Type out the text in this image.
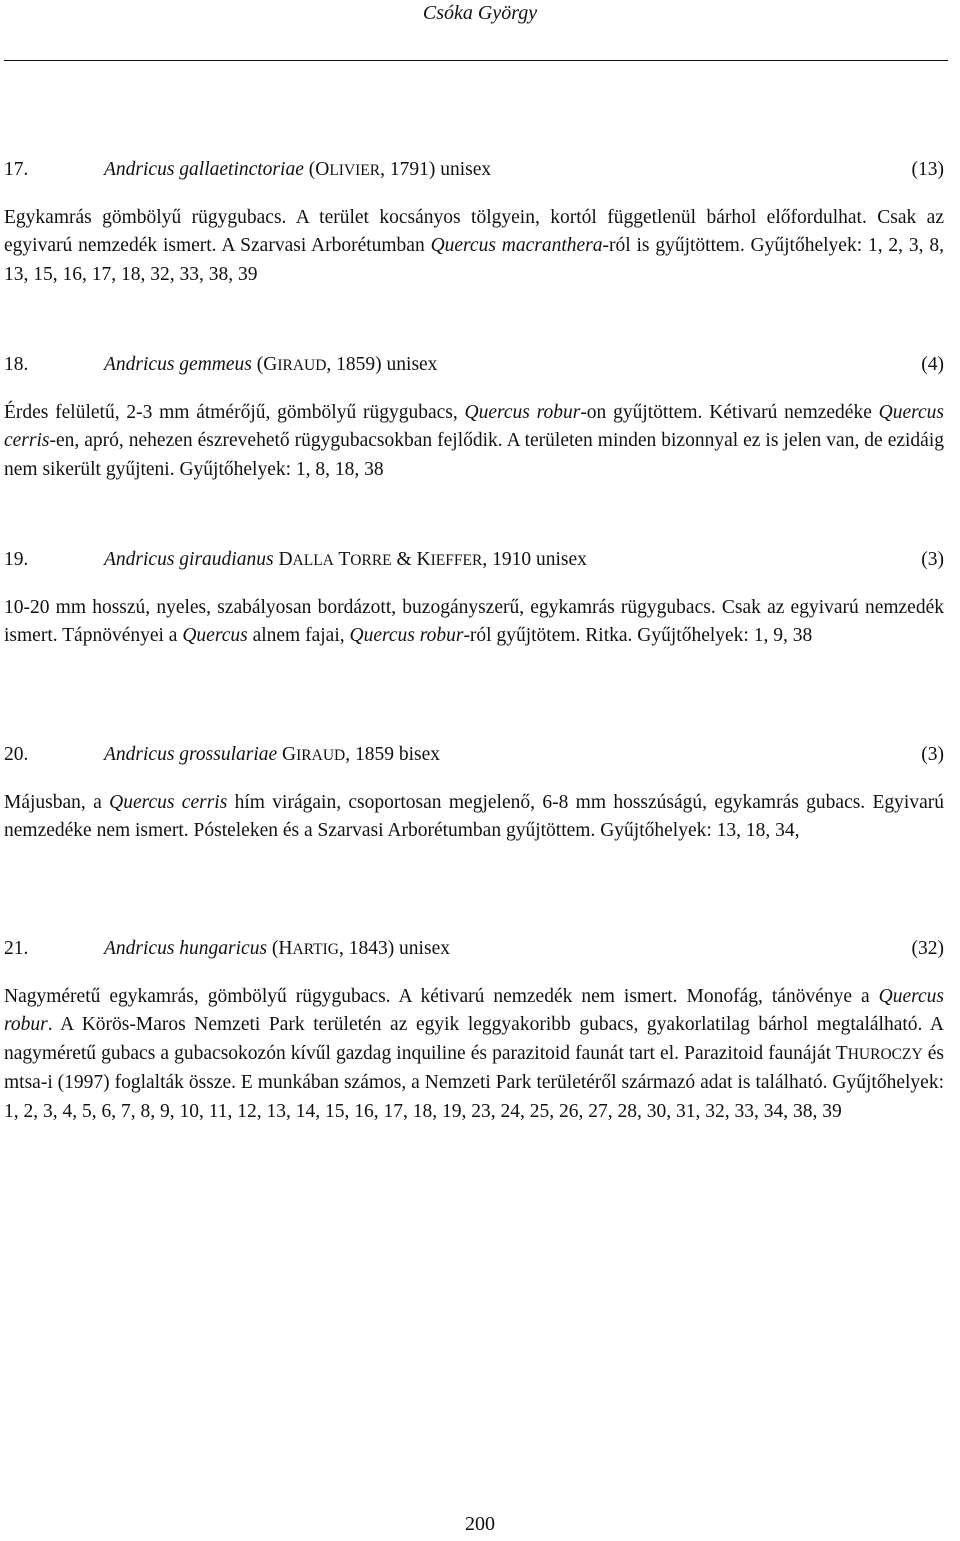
Csóka György
17.	Andricus gallaetinctoriae (OLIVIER, 1791) unisex	(13)

Egykamrás gömbölyű rügygubacs. A terület kocsányos tölgyein, kortól függetlenül bárhol előfordulhat. Csak az egyivarú nemzedék ismert. A Szarvasi Arborétumban Quercus macranthera-ról is gyűjtöttem. Gyűjtőhelyek: 1, 2, 3, 8, 13, 15, 16, 17, 18, 32, 33, 38, 39

18.	Andricus gemmeus (GIRAUD, 1859) unisex	(4)

Érdes felületű, 2-3 mm átmérőjű, gömbölyű rügygubacs, Quercus robur-on gyűjtöttem. Kétivarú nemzedéke Quercus cerris-en, apró, nehezen észrevehető rügygubacsokban fejlődik. A területen minden bizonnyal ez is jelen van, de ezidáig nem sikerült gyűjteni. Gyűjtőhelyek: 1, 8, 18, 38

19.	Andricus giraudianus DALLA TORRE & KIEFFER, 1910 unisex	(3)

10-20 mm hosszú, nyeles, szabályosan bordázott, buzogányszerű, egykamrás rügygubacs. Csak az egyivarú nemzedék ismert. Tápnövényei a Quercus alnem fajai, Quercus robur-ról gyűjtötem. Ritka. Gyűjtőhelyek: 1, 9, 38

20.	Andricus grossulariae GIRAUD, 1859 bisex	(3)

Májusban, a Quercus cerris hím virágain, csoportosan megjelenő, 6-8 mm hosszúságú, egykamrás gubacs. Egyivarú nemzedéke nem ismert. Pósteleken és a Szarvasi Arborétumban gyűjtöttem. Gyűjtőhelyek: 13, 18, 34,

21.	Andricus hungaricus (HARTIG, 1843) unisex	(32)

Nagyméretű egykamrás, gömbölyű rügygubacs. A kétivarú nemzedék nem ismert. Monofág, tánövénye a Quercus robur. A Körös-Maros Nemzeti Park területén az egyik leggyakoribb gubacs, gyakorlatilag bárhol megtalálható. A nagyméretű gubacs a gubacsokozón kívűl gazdag inquiline és parazitoid faunát tart el. Parazitoid faunáját THUROCZY és mtsa-i (1997) foglalták össze. E munkában számos, a Nemzeti Park területéről származó adat is található. Gyűjtőhelyek: 1, 2, 3, 4, 5, 6, 7, 8, 9, 10, 11, 12, 13, 14, 15, 16, 17, 18, 19, 23, 24, 25, 26, 27, 28, 30, 31, 32, 33, 34, 38, 39

200
